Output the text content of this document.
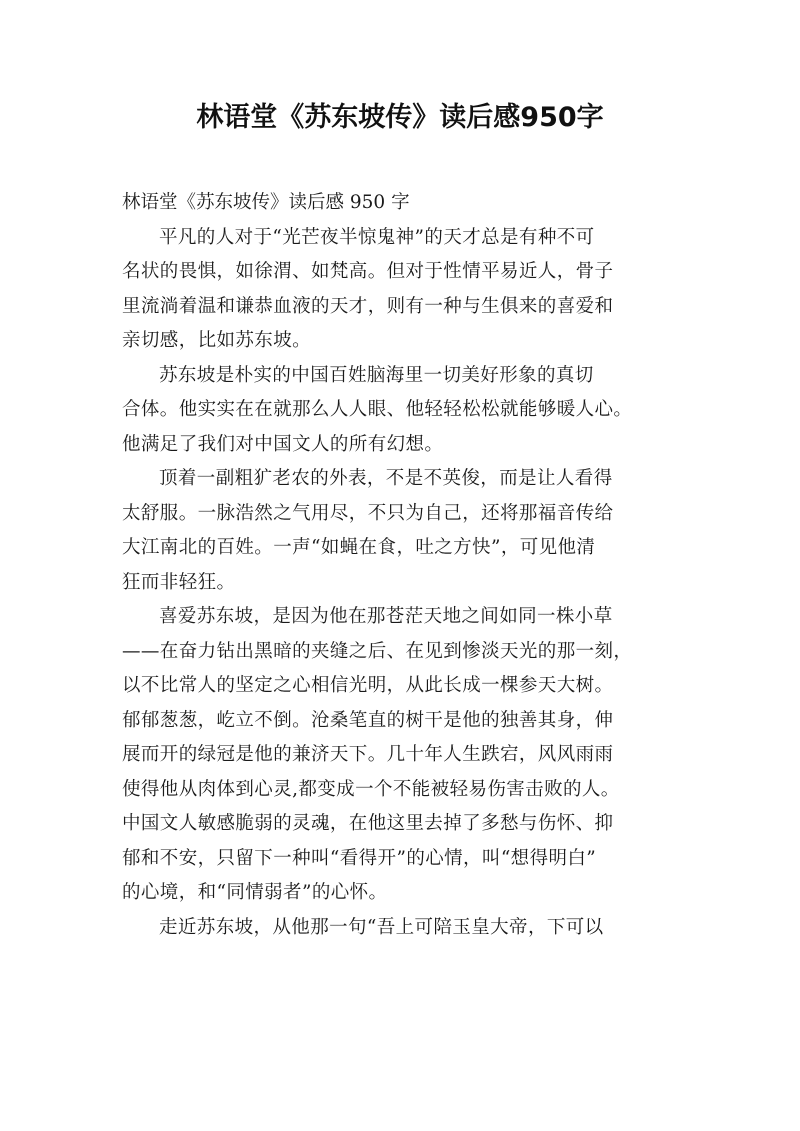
林语堂《苏东坡传》读后感950字

林语堂《苏东坡传》读后感 950 字

平凡的人对于“光芒夜半惊鬼神”的天才总是有种不可
名状的畏惧，如徐渭、如梵高。但对于性情平易近人，骨子
里流淌着温和谦恭血液的天才，则有一种与生俱来的喜爱和
亲切感，比如苏东坡。

苏东坡是朴实的中国百姓脑海里一切美好形象的真切
合体。他实实在在就那么人人眼、他轻轻松松就能够暖人心。
他满足了我们对中国文人的所有幻想。

顶着一副粗犷老农的外表，不是不英俊，而是让人看得
太舒服。一脉浩然之气用尽，不只为自己，还将那福音传给
大江南北的百姓。一声“如蝇在食，吐之方快”，可见他清
狂而非轻狂。

喜爱苏东坡，是因为他在那苍茫天地之间如同一株小草
——在奋力钻出黑暗的夹缝之后、在见到惨淡天光的那一刻，
以不比常人的坚定之心相信光明，从此长成一棵参天大树。
郁郁葱葱，屹立不倒。沧桑笔直的树干是他的独善其身，伸
展而开的绿冠是他的兼济天下。几十年人生跌宕，风风雨雨
使得他从肉体到心灵,都变成一个不能被轻易伤害击败的人。
中国文人敏感脆弱的灵魂，在他这里去掉了多愁与伤怀、抑
郁和不安，只留下一种叫“看得开”的心情，叫“想得明白”
的心境，和“同情弱者”的心怀。

走近苏东坡，从他那一句“吾上可陪玉皇大帝，下可以
